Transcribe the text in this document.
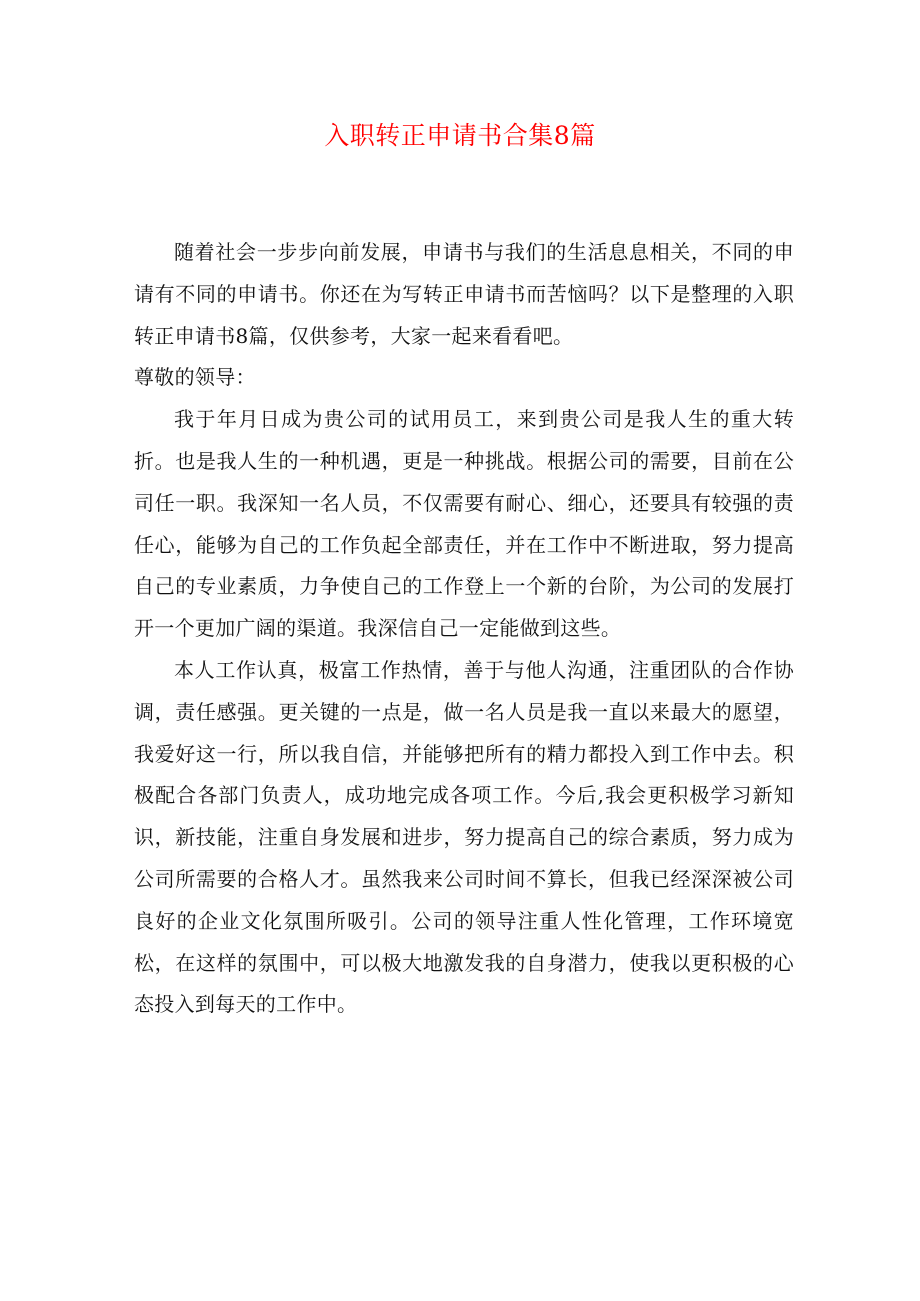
入职转正申请书合集8篇

随着社会一步步向前发展，申请书与我们的生活息息相关，不同的申请有不同的申请书。你还在为写转正申请书而苦恼吗？以下是整理的入职转正申请书8篇，仅供参考，大家一起来看看吧。

尊敬的领导：

我于年月日成为贵公司的试用员工，来到贵公司是我人生的重大转折。也是我人生的一种机遇，更是一种挑战。根据公司的需要，目前在公司任一职。我深知一名人员，不仅需要有耐心、细心，还要具有较强的责任心，能够为自己的工作负起全部责任，并在工作中不断进取，努力提高自己的专业素质，力争使自己的工作登上一个新的台阶，为公司的发展打开一个更加广阔的渠道。我深信自己一定能做到这些。

本人工作认真，极富工作热情，善于与他人沟通，注重团队的合作协调，责任感强。更关键的一点是，做一名人员是我一直以来最大的愿望，我爱好这一行，所以我自信，并能够把所有的精力都投入到工作中去。积极配合各部门负责人，成功地完成各项工作。今后,我会更积极学习新知识，新技能，注重自身发展和进步，努力提高自己的综合素质，努力成为公司所需要的合格人才。虽然我来公司时间不算长，但我已经深深被公司良好的企业文化氛围所吸引。公司的领导注重人性化管理，工作环境宽松，在这样的氛围中，可以极大地激发我的自身潜力，使我以更积极的心态投入到每天的工作中。
